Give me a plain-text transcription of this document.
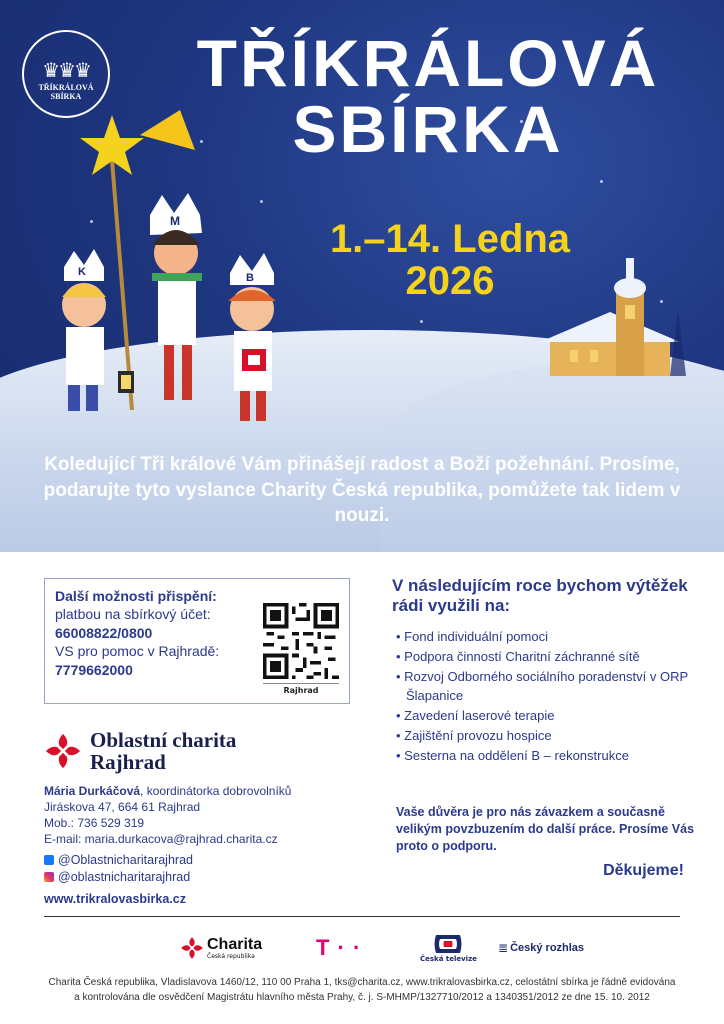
M
K	B
♛♛♛
TŘÍKRÁLOVÁ
SBÍRKA	TŘÍKRÁLOVÁ
SBÍRKA
1.–14. Ledna
2026
Koledující Tři králové Vám přinášejí radost a Boží požehnání. Prosíme, podarujte tyto vyslance Charity Česká republika, pomůžete tak lidem v nouzi.
Další možnosti přispění:
platbou na sbírkový účet:
66008822/0800
VS pro pomoc v Rajhradě:
7779662000
Rajhrad
Oblastní charita
Rajhrad
Mária Durkáčová, koordinátorka dobrovolníků
Jiráskova 47, 664 61 Rajhrad
Mob.: 736 529 319
E-mail: maria.durkacova@rajhrad.charita.cz
@Oblastnicharitarajhrad
@oblastnicharitarajhrad
www.trikralovasbirka.cz
V následujícím roce bychom výtěžek rádi využili na:
• Fond individuální pomoci
• Podpora činností Charitní záchranné sítě
• Rozvoj Odborného sociálního poradenství v ORP Šlapanice
• Zavedení laserové terapie
• Zajištění provozu hospice
• Sesterna na oddělení B – rekonstrukce
Vaše důvěra je pro nás závazkem a současně velikým povzbuzením do další práce. Prosíme Vás proto o podporu.
Děkujeme!
Charita
Česká republika	T · ·	Česká televize
≣ Český rozhlas
Charita Česká republika, Vladislavova 1460/12, 110 00 Praha 1, tks@charita.cz, www.trikralovasbirka.cz, celostátní sbírka je řádně evidována
a kontrolována dle osvědčení Magistrátu hlavního města Prahy, č. j. S-MHMP/1327710/2012 a 1340351/2012 ze dne 15. 10. 2012
